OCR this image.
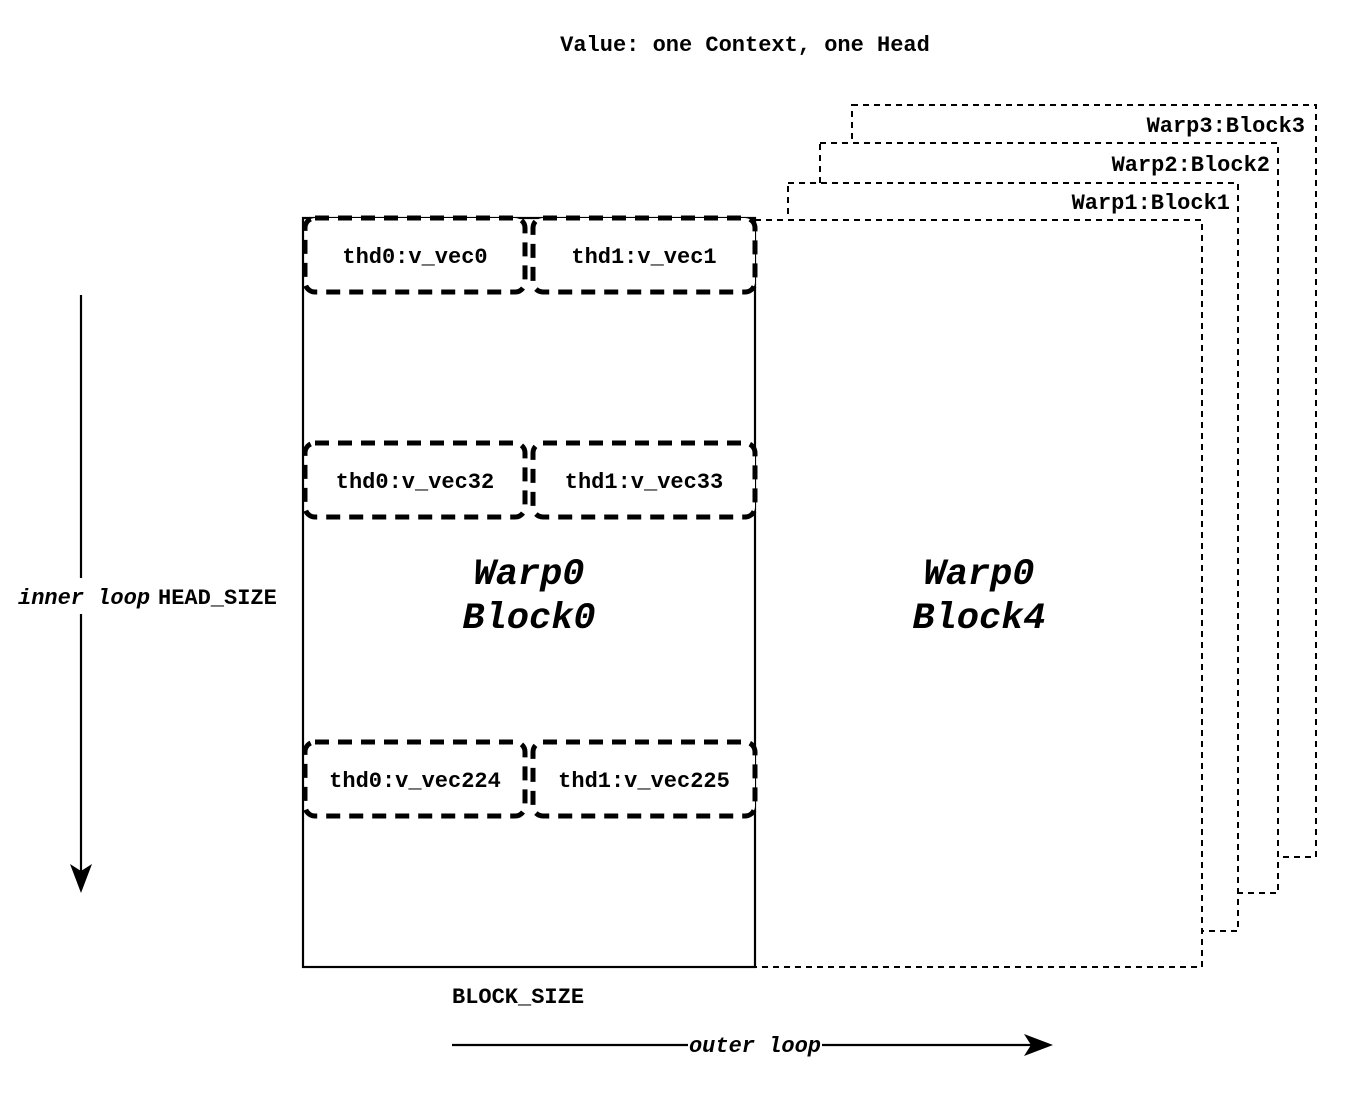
Value: one Context, one Head
Warp3:Block3
Warp2:Block2
Warp1:Block1
Warp0
Block0
Warp0
Block4
thd0:v_vec0	thd1:v_vec1
thd0:v_vec32	thd1:v_vec33
thd0:v_vec224	thd1:v_vec225
inner loop HEAD_SIZE
BLOCK_SIZE
outer loop
